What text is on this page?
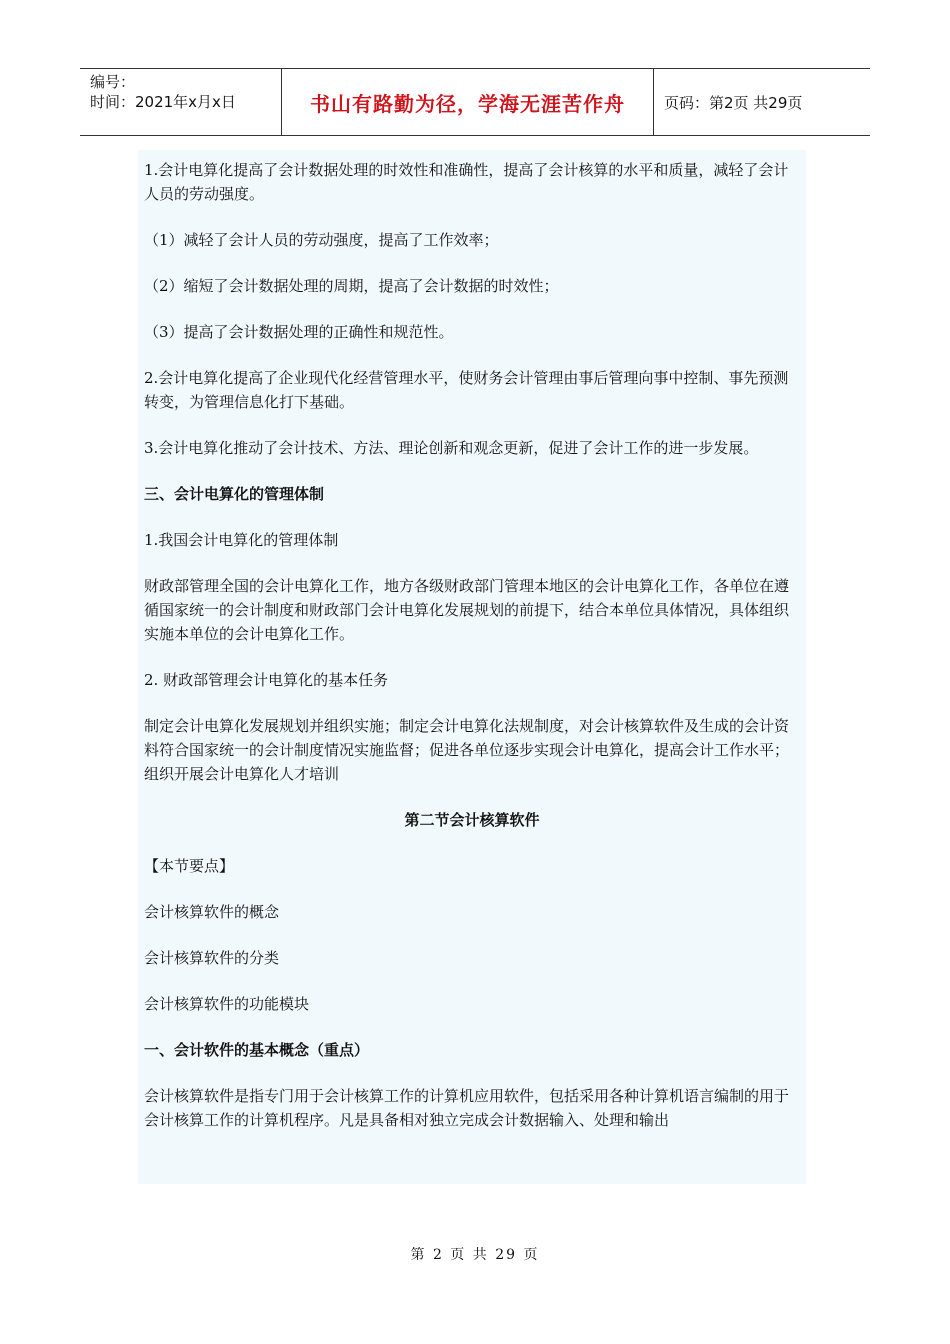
编号：
时间：2021年x月x日	书山有路勤为径，学海无涯苦作舟	页码：第2页 共29页

1.会计电算化提高了会计数据处理的时效性和准确性，提高了会计核算的水平和质量，减轻了会计人员的劳动强度。

（1）减轻了会计人员的劳动强度，提高了工作效率；

（2）缩短了会计数据处理的周期，提高了会计数据的时效性；

（3）提高了会计数据处理的正确性和规范性。

2.会计电算化提高了企业现代化经营管理水平，使财务会计管理由事后管理向事中控制、事先预测转变，为管理信息化打下基础。

3.会计电算化推动了会计技术、方法、理论创新和观念更新，促进了会计工作的进一步发展。

三、会计电算化的管理体制

1.我国会计电算化的管理体制

财政部管理全国的会计电算化工作，地方各级财政部门管理本地区的会计电算化工作，各单位在遵循国家统一的会计制度和财政部门会计电算化发展规划的前提下，结合本单位具体情况，具体组织实施本单位的会计电算化工作。

2. 财政部管理会计电算化的基本任务

制定会计电算化发展规划并组织实施；制定会计电算化法规制度，对会计核算软件及生成的会计资料符合国家统一的会计制度情况实施监督；促进各单位逐步实现会计电算化，提高会计工作水平；组织开展会计电算化人才培训

第二节会计核算软件

【本节要点】

会计核算软件的概念

会计核算软件的分类

会计核算软件的功能模块

一、会计软件的基本概念（重点）

会计核算软件是指专门用于会计核算工作的计算机应用软件，包括采用各种计算机语言编制的用于会计核算工作的计算机程序。凡是具备相对独立完成会计数据输入、处理和输出

第 2 页 共 29 页
